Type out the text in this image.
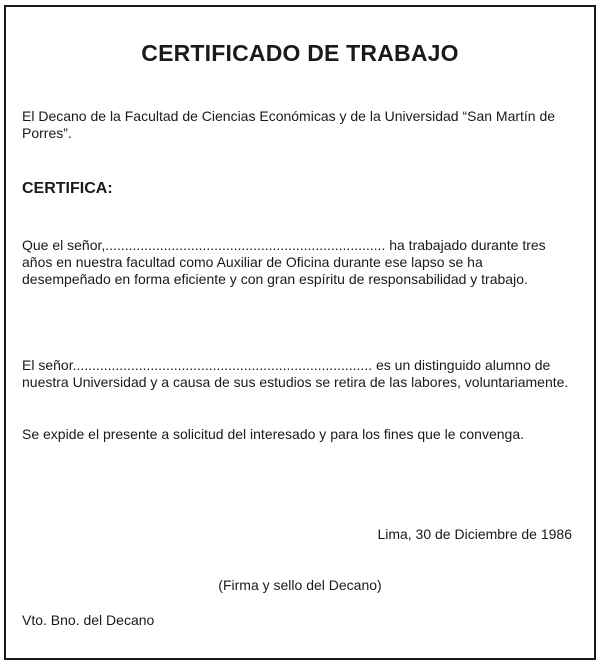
CERTIFICADO DE TRABAJO
El Decano de la Facultad de Ciencias Económicas y de la Universidad “San Martín de Porres”.
CERTIFICA:
Que el señor,........................................................................ ha trabajado durante tres años en nuestra facultad como Auxiliar de Oficina durante ese lapso se ha desempeñado en forma eficiente y con gran espíritu de responsabilidad y trabajo.
El señor............................................................................. es un distinguido alumno de nuestra Universidad y a causa de sus estudios se retira de las labores, voluntariamente.
Se expide el presente a solicitud del interesado y para los fines que le convenga.
Lima, 30 de Diciembre de 1986
(Firma y sello del Decano)
Vto. Bno. del Decano
